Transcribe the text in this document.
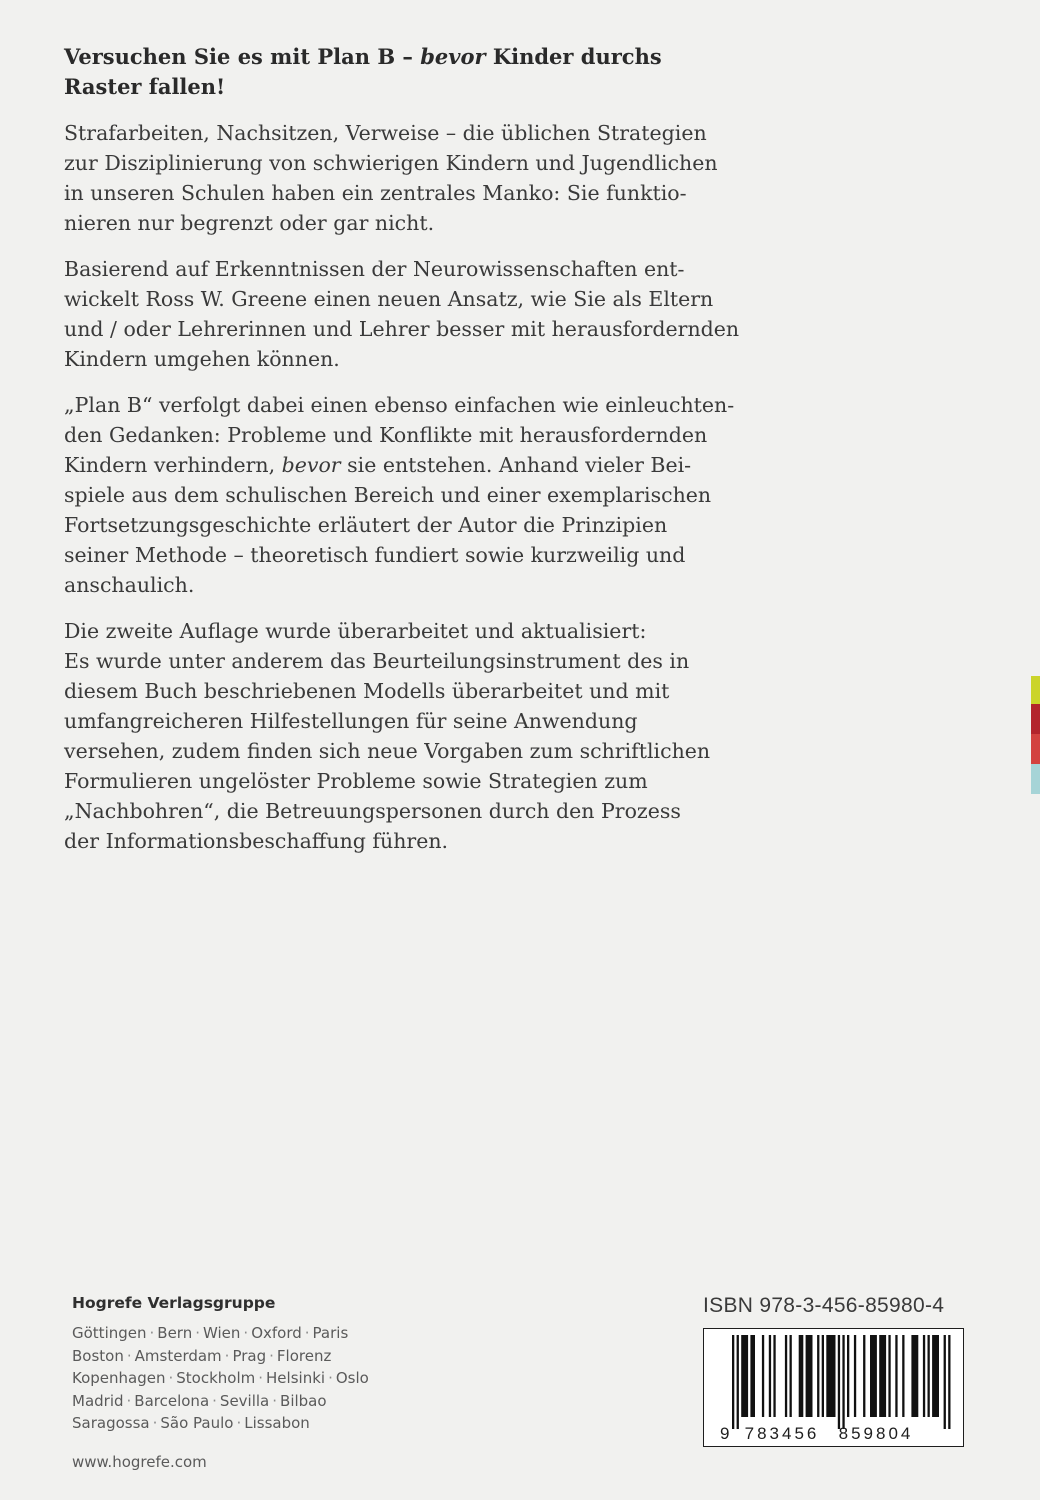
Versuchen Sie es mit Plan B – bevor Kinder durchs
Raster fallen!
Strafarbeiten, Nachsitzen, Verweise – die üblichen Strategien
zur Disziplinierung von schwierigen Kindern und Jugendlichen
in unseren Schulen haben ein zentrales Manko: Sie funktio-
nieren nur begrenzt oder gar nicht.
Basierend auf Erkenntnissen der Neurowissenschaften ent-
wickelt Ross W. Greene einen neuen Ansatz, wie Sie als Eltern
und / oder Lehrerinnen und Lehrer besser mit herausfordernden
Kindern umgehen können.
„Plan B“ verfolgt dabei einen ebenso einfachen wie einleuchten-
den Gedanken: Probleme und Konflikte mit herausfordernden
Kindern verhindern, bevor sie entstehen. Anhand vieler Bei-
spiele aus dem schulischen Bereich und einer exemplarischen
Fortsetzungsgeschichte erläutert der Autor die Prinzipien
seiner Methode – theoretisch fundiert sowie kurzweilig und
anschaulich.
Die zweite Auflage wurde überarbeitet und aktualisiert:
Es wurde unter anderem das Beurteilungsinstrument des in
diesem Buch beschriebenen Modells überarbeitet und mit
umfangreicheren Hilfestellungen für seine Anwendung
versehen, zudem finden sich neue Vorgaben zum schriftlichen
Formulieren ungelöster Probleme sowie Strategien zum
„Nachbohren“, die Betreuungspersonen durch den Prozess
der Informationsbeschaffung führen.
Hogrefe Verlagsgruppe
Göttingen · Bern · Wien · Oxford · Paris
Boston · Amsterdam · Prag · Florenz
Kopenhagen · Stockholm · Helsinki · Oslo
Madrid · Barcelona · Sevilla · Bilbao
Saragossa · São Paulo · Lissabon
www.hogrefe.com
ISBN 978-3-456-85980-4
9 783456 859804
